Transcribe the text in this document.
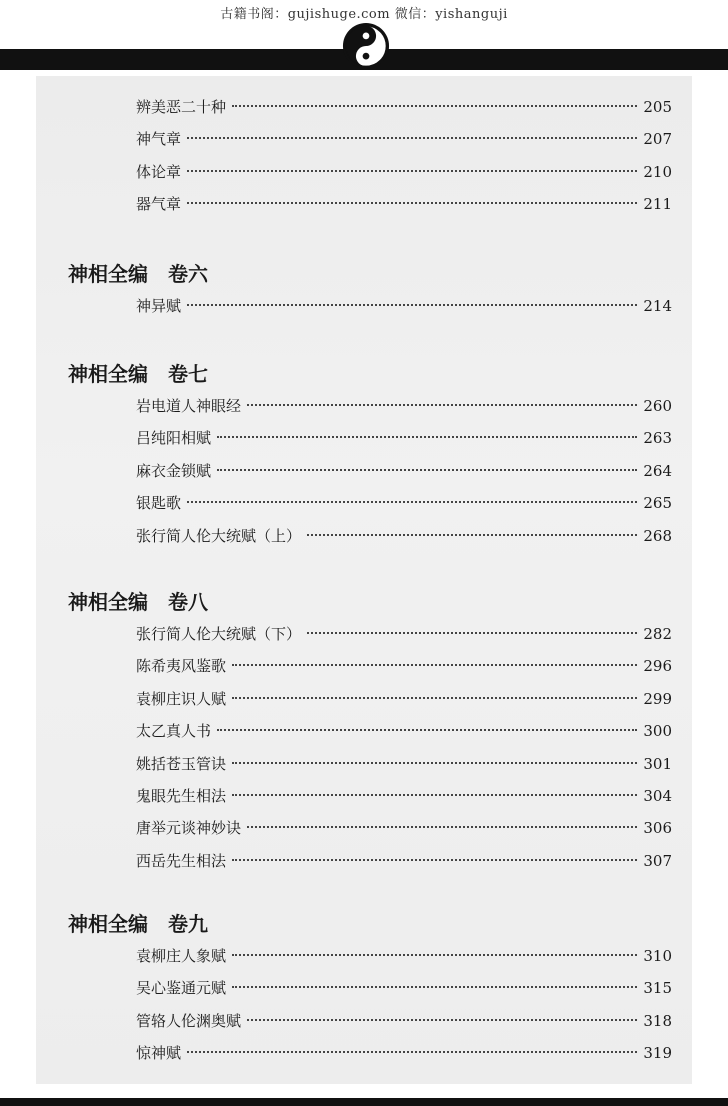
古籍书阁：gujishuge.com 微信：yishanguji
辨美恶二十种	205
神气章	207
体论章	210
器气章	211
神相全编 卷六
神异赋	214
神相全编 卷七
岩电道人神眼经	260
吕纯阳相赋	263
麻衣金锁赋	264
银匙歌	265
张行简人伦大统赋（上）	268
神相全编 卷八
张行简人伦大统赋（下）	282
陈希夷风鉴歌	296
袁柳庄识人赋	299
太乙真人书	300
姚括苍玉管诀	301
鬼眼先生相法	304
唐举元谈神妙诀	306
西岳先生相法	307
神相全编 卷九
袁柳庄人象赋	310
吴心鉴通元赋	315
管辂人伦渊奥赋	318
惊神赋	319
